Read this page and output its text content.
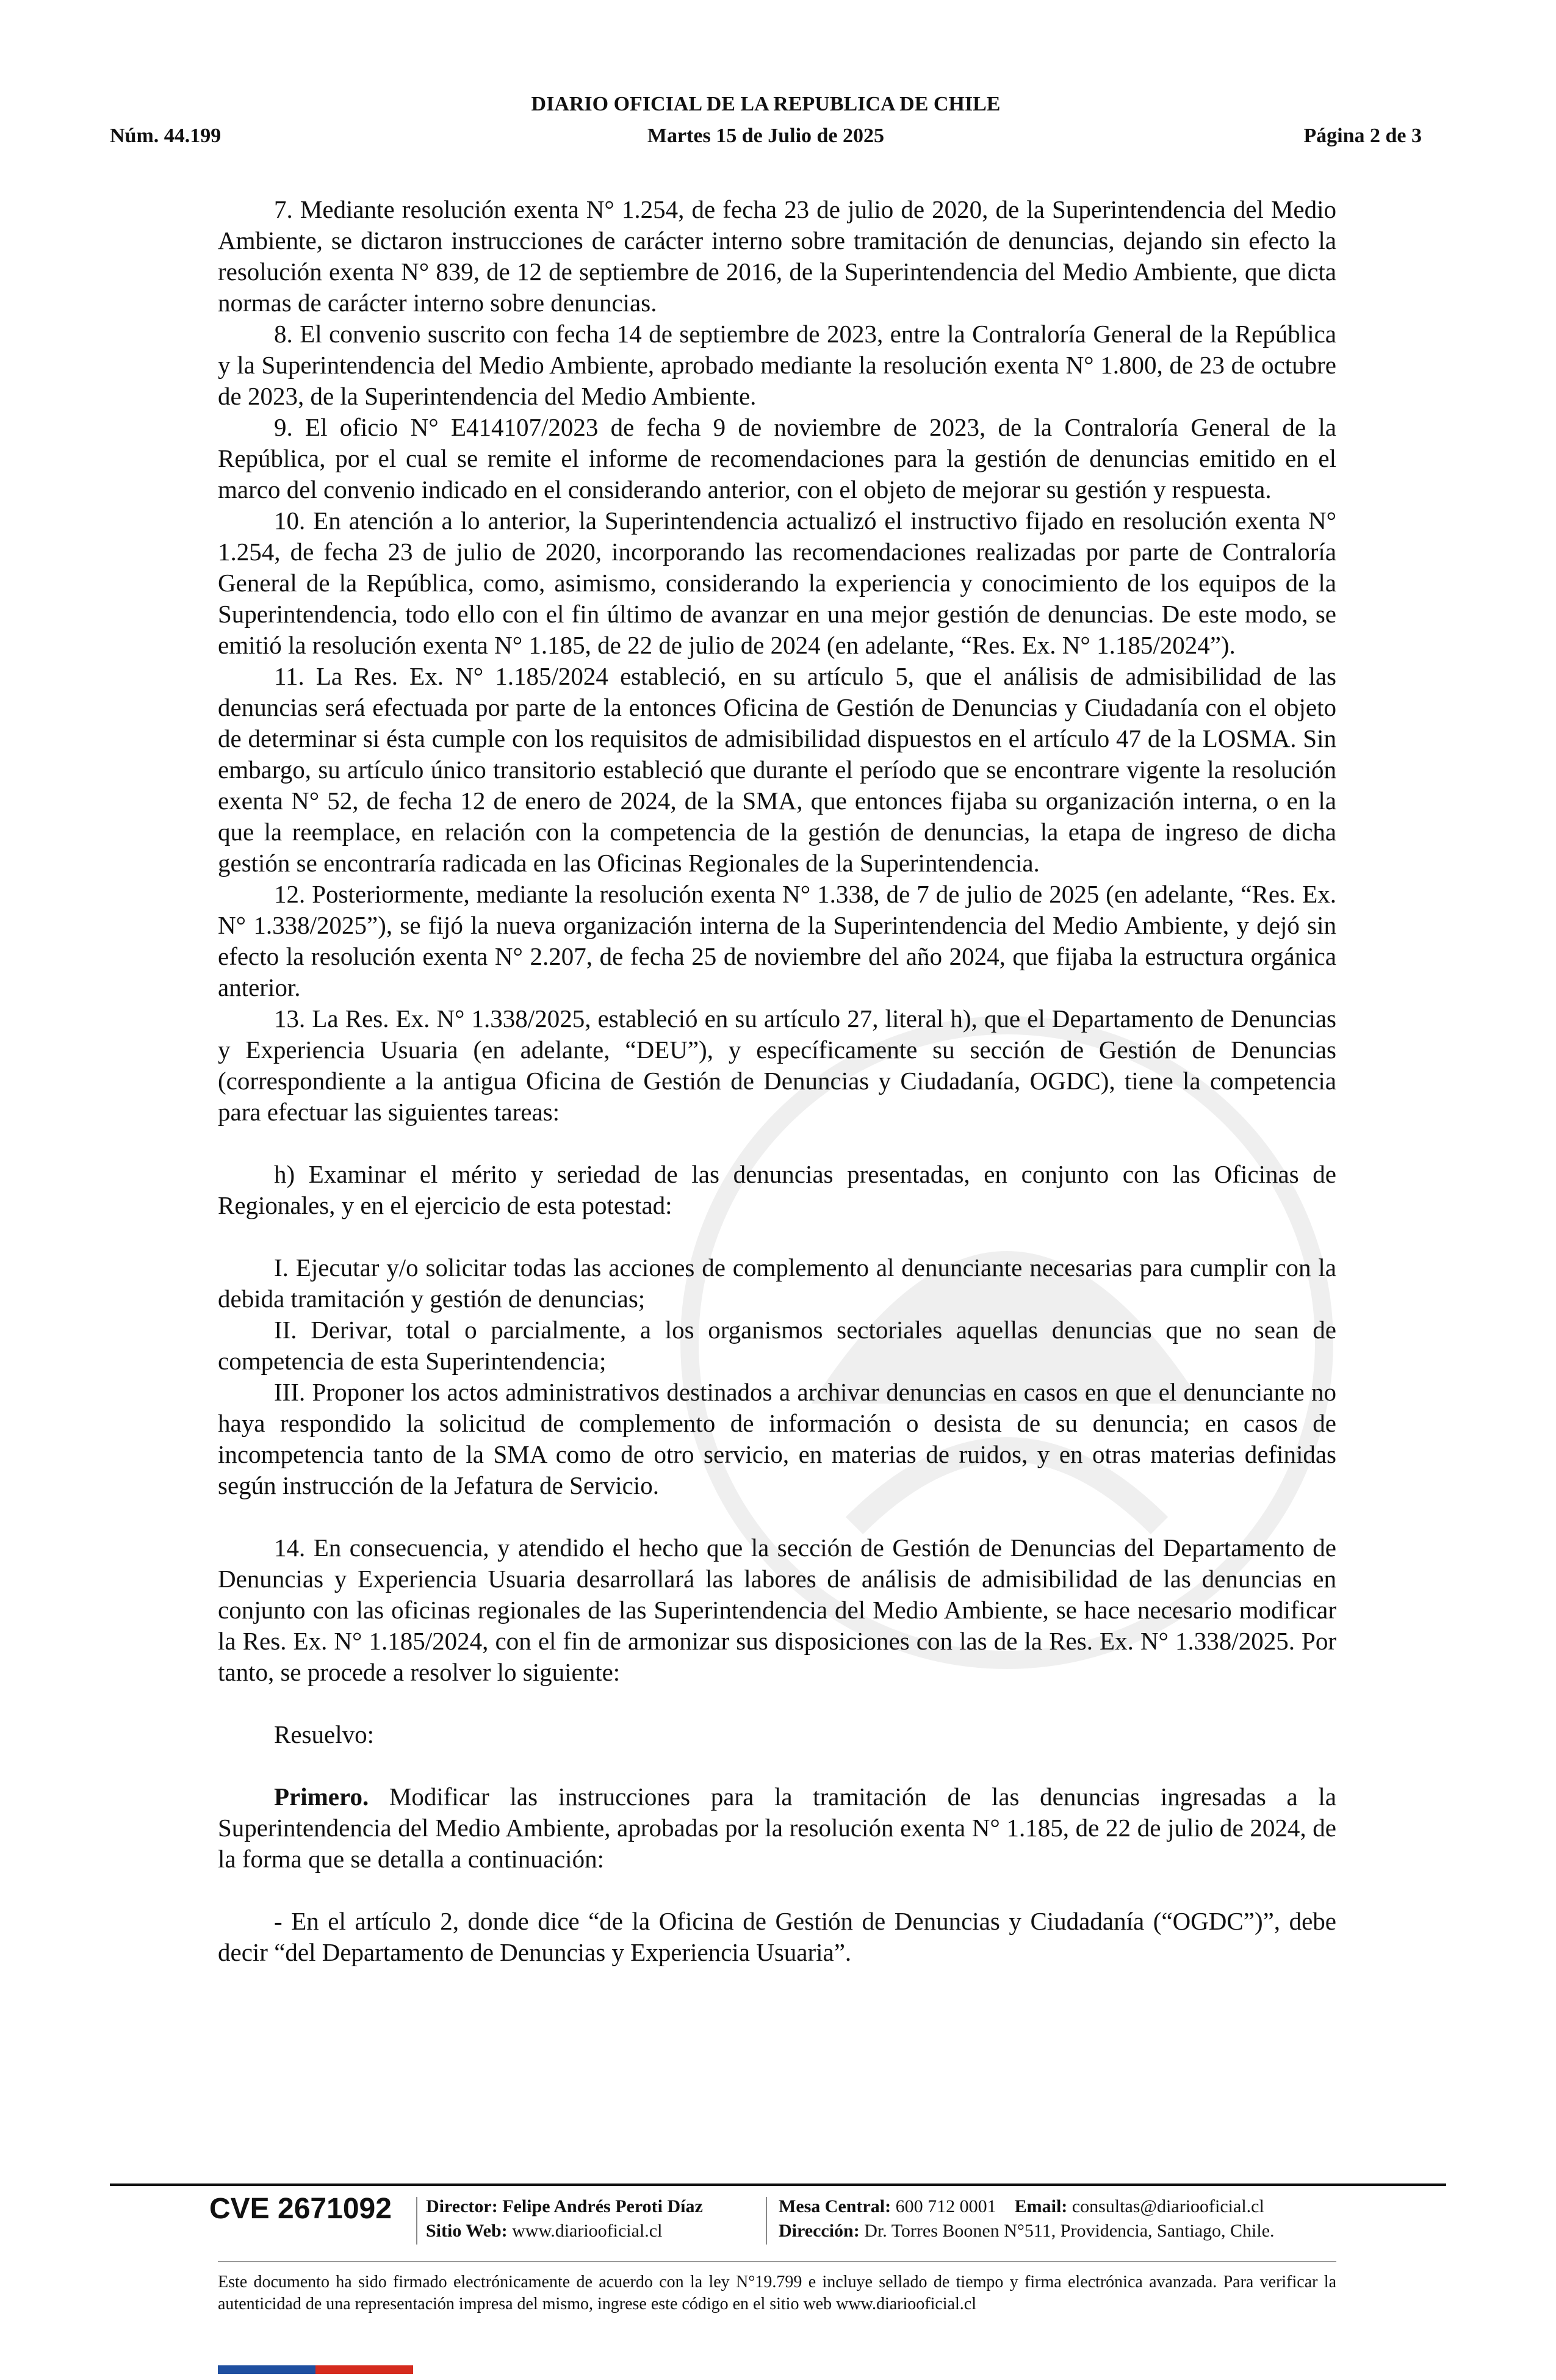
DIARIO OFICIAL DE LA REPUBLICA DE CHILE
Núm. 44.199	Martes 15 de Julio de 2025	Página 2 de 3

7. Mediante resolución exenta N° 1.254, de fecha 23 de julio de 2020, de la Superintendencia del Medio Ambiente, se dictaron instrucciones de carácter interno sobre tramitación de denuncias, dejando sin efecto la resolución exenta N° 839, de 12 de septiembre de 2016, de la Superintendencia del Medio Ambiente, que dicta normas de carácter interno sobre denuncias.

8. El convenio suscrito con fecha 14 de septiembre de 2023, entre la Contraloría General de la República y la Superintendencia del Medio Ambiente, aprobado mediante la resolución exenta N° 1.800, de 23 de octubre de 2023, de la Superintendencia del Medio Ambiente.

9. El oficio N° E414107/2023 de fecha 9 de noviembre de 2023, de la Contraloría General de la República, por el cual se remite el informe de recomendaciones para la gestión de denuncias emitido en el marco del convenio indicado en el considerando anterior, con el objeto de mejorar su gestión y respuesta.

10. En atención a lo anterior, la Superintendencia actualizó el instructivo fijado en resolución exenta N° 1.254, de fecha 23 de julio de 2020, incorporando las recomendaciones realizadas por parte de Contraloría General de la República, como, asimismo, considerando la experiencia y conocimiento de los equipos de la Superintendencia, todo ello con el fin último de avanzar en una mejor gestión de denuncias. De este modo, se emitió la resolución exenta N° 1.185, de 22 de julio de 2024 (en adelante, “Res. Ex. N° 1.185/2024”).

11. La Res. Ex. N° 1.185/2024 estableció, en su artículo 5, que el análisis de admisibilidad de las denuncias será efectuada por parte de la entonces Oficina de Gestión de Denuncias y Ciudadanía con el objeto de determinar si ésta cumple con los requisitos de admisibilidad dispuestos en el artículo 47 de la LOSMA. Sin embargo, su artículo único transitorio estableció que durante el período que se encontrare vigente la resolución exenta N° 52, de fecha 12 de enero de 2024, de la SMA, que entonces fijaba su organización interna, o en la que la reemplace, en relación con la competencia de la gestión de denuncias, la etapa de ingreso de dicha gestión se encontraría radicada en las Oficinas Regionales de la Superintendencia.

12. Posteriormente, mediante la resolución exenta N° 1.338, de 7 de julio de 2025 (en adelante, “Res. Ex. N° 1.338/2025”), se fijó la nueva organización interna de la Superintendencia del Medio Ambiente, y dejó sin efecto la resolución exenta N° 2.207, de fecha 25 de noviembre del año 2024, que fijaba la estructura orgánica anterior.

13. La Res. Ex. N° 1.338/2025, estableció en su artículo 27, literal h), que el Departamento de Denuncias y Experiencia Usuaria (en adelante, “DEU”), y específicamente su sección de Gestión de Denuncias (correspondiente a la antigua Oficina de Gestión de Denuncias y Ciudadanía, OGDC), tiene la competencia para efectuar las siguientes tareas:

h) Examinar el mérito y seriedad de las denuncias presentadas, en conjunto con las Oficinas de Regionales, y en el ejercicio de esta potestad:

I. Ejecutar y/o solicitar todas las acciones de complemento al denunciante necesarias para cumplir con la debida tramitación y gestión de denuncias;

II. Derivar, total o parcialmente, a los organismos sectoriales aquellas denuncias que no sean de competencia de esta Superintendencia;

III. Proponer los actos administrativos destinados a archivar denuncias en casos en que el denunciante no haya respondido la solicitud de complemento de información o desista de su denuncia; en casos de incompetencia tanto de la SMA como de otro servicio, en materias de ruidos, y en otras materias definidas según instrucción de la Jefatura de Servicio.

14. En consecuencia, y atendido el hecho que la sección de Gestión de Denuncias del Departamento de Denuncias y Experiencia Usuaria desarrollará las labores de análisis de admisibilidad de las denuncias en conjunto con las oficinas regionales de las Superintendencia del Medio Ambiente, se hace necesario modificar la Res. Ex. N° 1.185/2024, con el fin de armonizar sus disposiciones con las de la Res. Ex. N° 1.338/2025. Por tanto, se procede a resolver lo siguiente:

Resuelvo:

Primero. Modificar las instrucciones para la tramitación de las denuncias ingresadas a la Superintendencia del Medio Ambiente, aprobadas por la resolución exenta N° 1.185, de 22 de julio de 2024, de la forma que se detalla a continuación:

- En el artículo 2, donde dice “de la Oficina de Gestión de Denuncias y Ciudadanía (“OGDC”)”, debe decir “del Departamento de Denuncias y Experiencia Usuaria”.

CVE 2671092 Director: Felipe Andrés Peroti Díaz
Sitio Web: www.diariooficial.cl
Mesa Central: 600 712 0001 Email: consultas@diariooficial.cl
Dirección: Dr. Torres Boonen N°511, Providencia, Santiago, Chile.
Este documento ha sido firmado electrónicamente de acuerdo con la ley N°19.799 e incluye sellado de tiempo y firma electrónica avanzada. Para verificar la autenticidad de una representación impresa del mismo, ingrese este código en el sitio web www.diariooficial.cl
